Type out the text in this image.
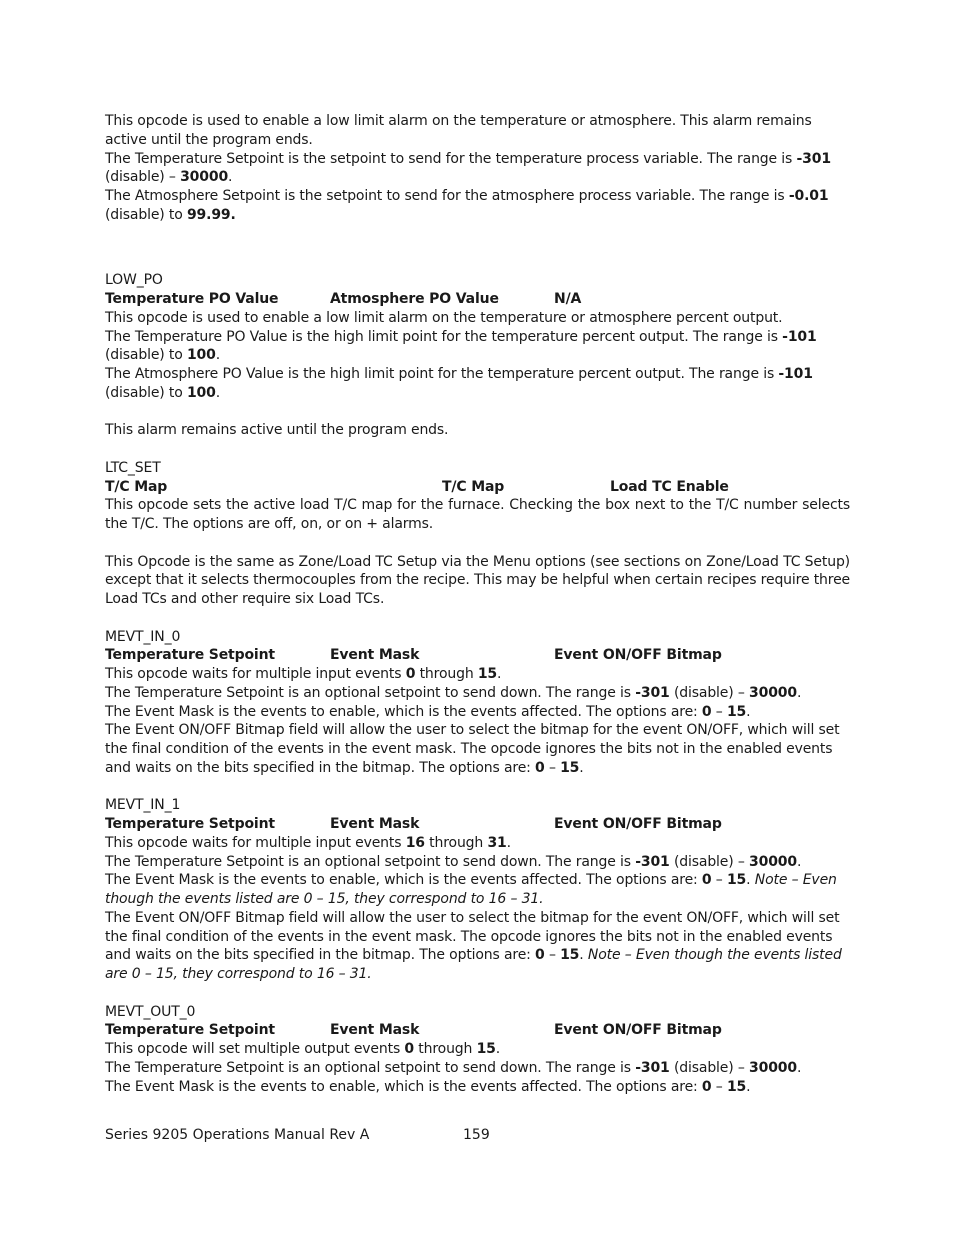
This opcode is used to enable a low limit alarm on the temperature or atmosphere. This alarm remains

active until the program ends.

The Temperature Setpoint is the setpoint to send for the temperature process variable. The range is -301

(disable) – 30000.

The Atmosphere Setpoint is the setpoint to send for the atmosphere process variable. The range is -0.01

(disable) to 99.99.

LOW_PO

Temperature PO Value	Atmosphere PO Value	N/A

This opcode is used to enable a low limit alarm on the temperature or atmosphere percent output.

The Temperature PO Value is the high limit point for the temperature percent output. The range is -101

(disable) to 100.

The Atmosphere PO Value is the high limit point for the temperature percent output. The range is -101

(disable) to 100.

This alarm remains active until the program ends.

LTC_SET

T/C Map	T/C Map	Load TC Enable

This opcode sets the active load T/C map for the furnace. Checking the box next to the T/C number selects the T/C. The options are off, on, or on + alarms.

This Opcode is the same as Zone/Load TC Setup via the Menu options (see sections on Zone/Load TC Setup) except that it selects thermocouples from the recipe. This may be helpful when certain recipes require three Load TCs and other require six Load TCs.

MEVT_IN_0

Temperature Setpoint	Event Mask	Event ON/OFF Bitmap

This opcode waits for multiple input events 0 through 15.

The Temperature Setpoint is an optional setpoint to send down. The range is -301 (disable) – 30000.

The Event Mask is the events to enable, which is the events affected. The options are: 0 – 15.

The Event ON/OFF Bitmap field will allow the user to select the bitmap for the event ON/OFF, which will set

the final condition of the events in the event mask. The opcode ignores the bits not in the enabled events

and waits on the bits specified in the bitmap. The options are: 0 – 15.

MEVT_IN_1

Temperature Setpoint	Event Mask	Event ON/OFF Bitmap

This opcode waits for multiple input events 16 through 31.

The Temperature Setpoint is an optional setpoint to send down. The range is -301 (disable) – 30000.

The Event Mask is the events to enable, which is the events affected. The options are: 0 – 15. Note – Even

though the events listed are 0 – 15, they correspond to 16 – 31.

The Event ON/OFF Bitmap field will allow the user to select the bitmap for the event ON/OFF, which will set

the final condition of the events in the event mask. The opcode ignores the bits not in the enabled events

and waits on the bits specified in the bitmap. The options are: 0 – 15. Note – Even though the events listed

are 0 – 15, they correspond to 16 – 31.

MEVT_OUT_0

Temperature Setpoint	Event Mask	Event ON/OFF Bitmap

This opcode will set multiple output events 0 through 15.

The Temperature Setpoint is an optional setpoint to send down. The range is -301 (disable) – 30000.

The Event Mask is the events to enable, which is the events affected. The options are: 0 – 15.

Series 9205 Operations Manual Rev A	159
